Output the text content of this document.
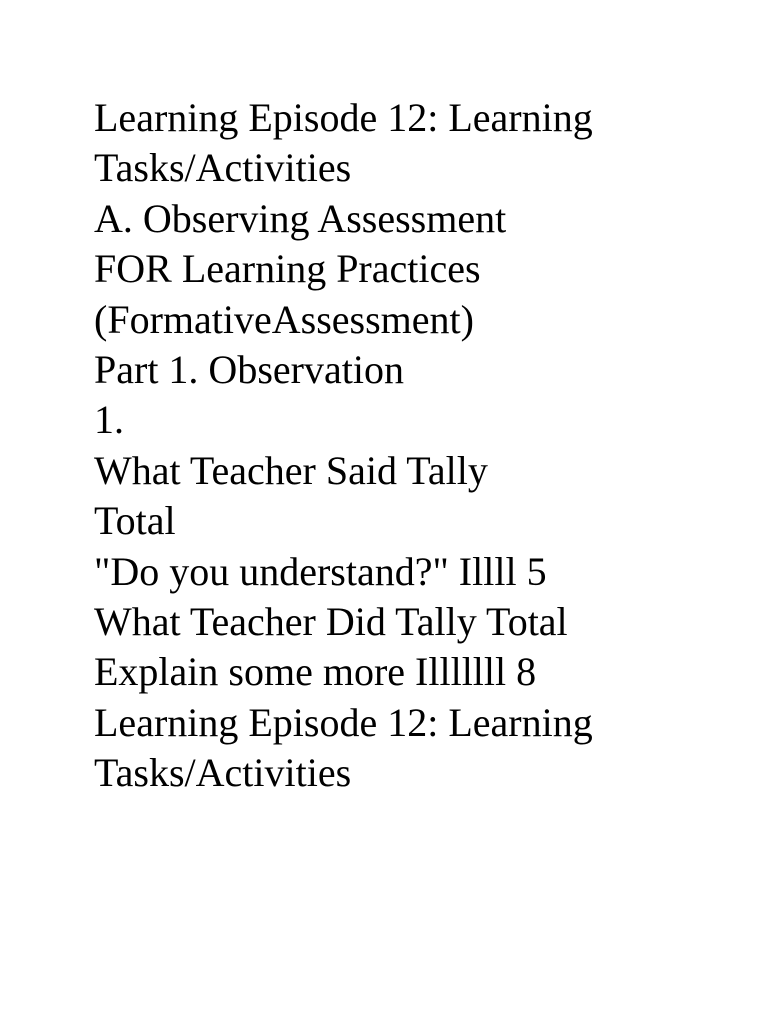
Learning Episode 12: Learning
Tasks/Activities
A. Observing Assessment
FOR Learning Practices
(FormativeAssessment)
Part 1. Observation
1.
What Teacher Said Tally
Total
"Do you understand?" Illll 5
What Teacher Did Tally Total
Explain some more Illlllll 8
Learning Episode 12: Learning
Tasks/Activities
